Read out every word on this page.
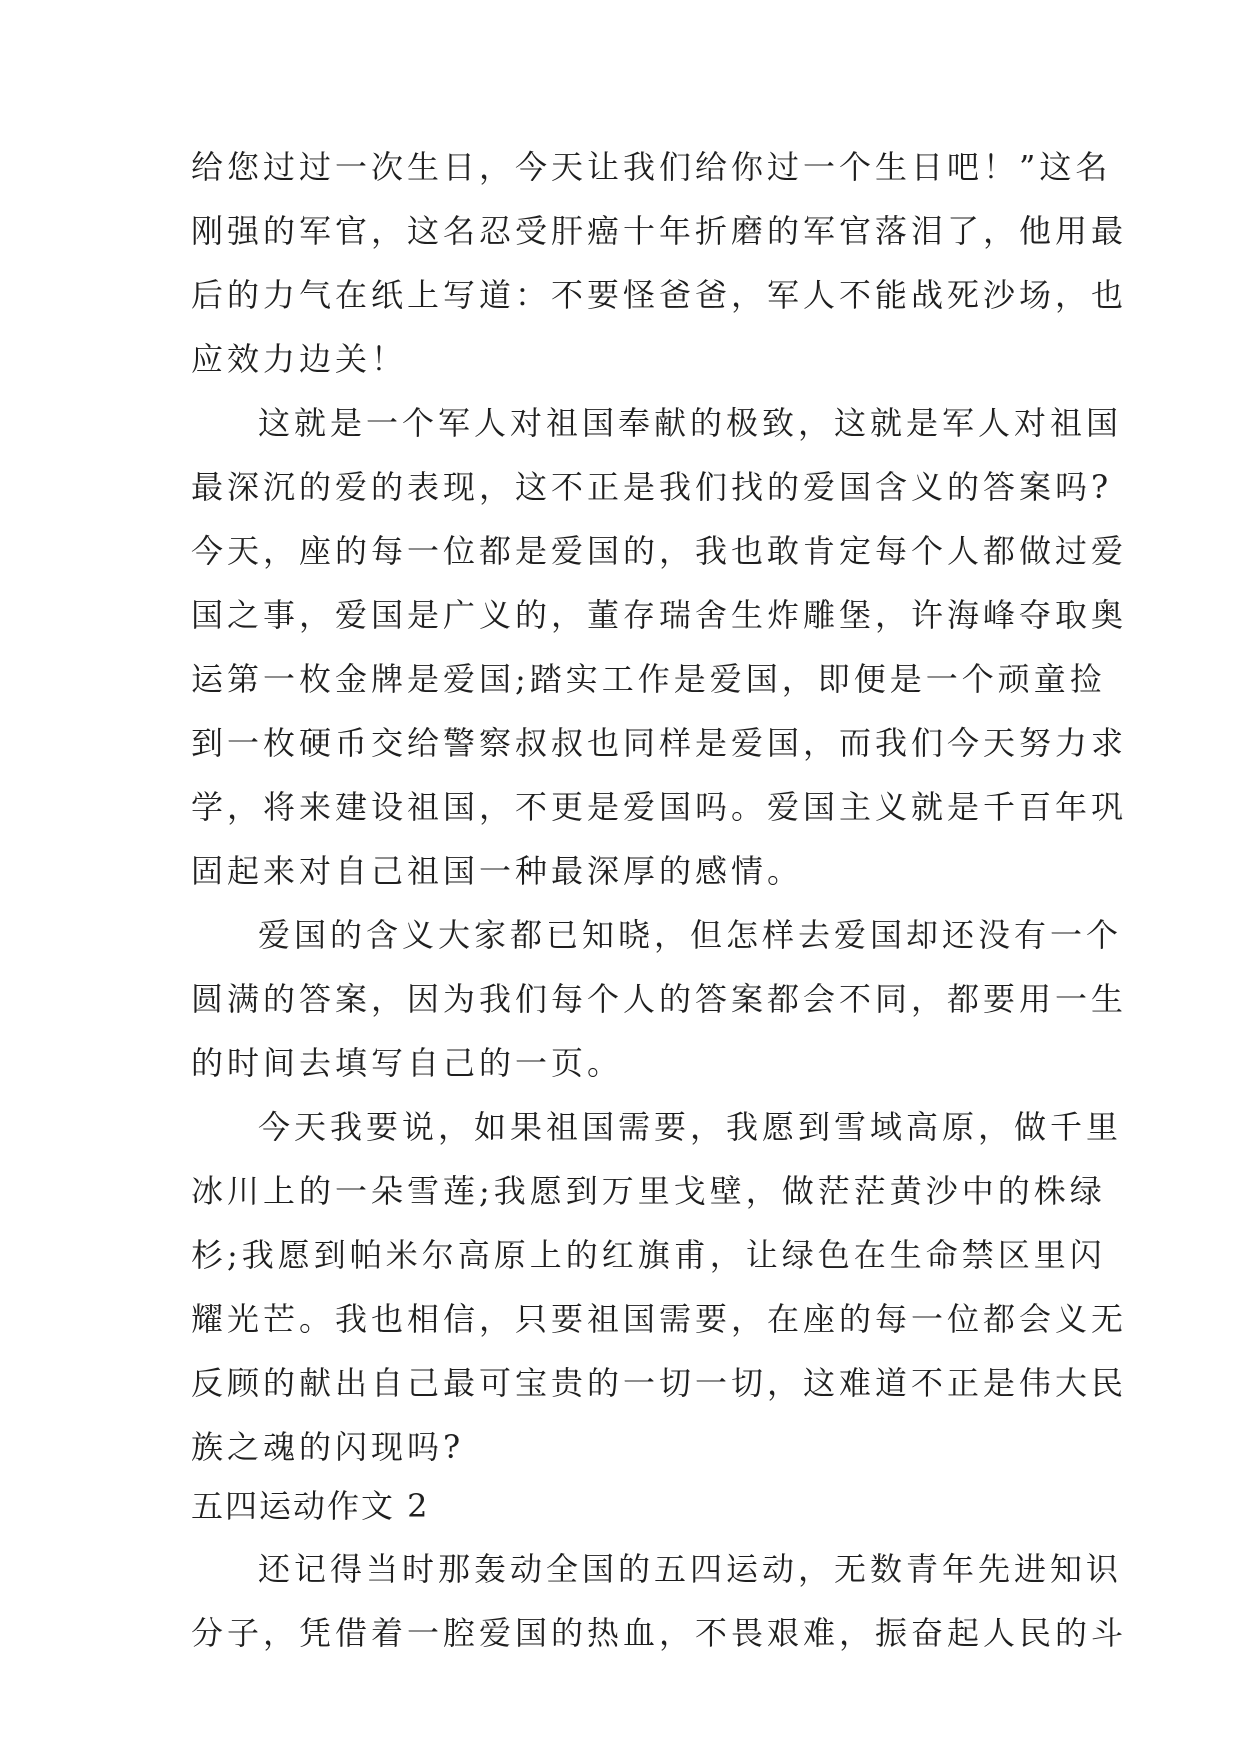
给您过过一次生日，今天让我们给你过一个生日吧！”这名
刚强的军官，这名忍受肝癌十年折磨的军官落泪了，他用最
后的力气在纸上写道：不要怪爸爸，军人不能战死沙场，也
应效力边关！
这就是一个军人对祖国奉献的极致，这就是军人对祖国
最深沉的爱的表现，这不正是我们找的爱国含义的答案吗?
今天，座的每一位都是爱国的，我也敢肯定每个人都做过爱
国之事，爱国是广义的，董存瑞舍生炸雕堡，许海峰夺取奥
运第一枚金牌是爱国;踏实工作是爱国，即便是一个顽童捡
到一枚硬币交给警察叔叔也同样是爱国，而我们今天努力求
学，将来建设祖国，不更是爱国吗。爱国主义就是千百年巩
固起来对自己祖国一种最深厚的感情。
爱国的含义大家都已知晓，但怎样去爱国却还没有一个
圆满的答案，因为我们每个人的答案都会不同，都要用一生
的时间去填写自己的一页。
今天我要说，如果祖国需要，我愿到雪域高原，做千里
冰川上的一朵雪莲;我愿到万里戈壁，做茫茫黄沙中的株绿
杉;我愿到帕米尔高原上的红旗甫，让绿色在生命禁区里闪
耀光芒。我也相信，只要祖国需要，在座的每一位都会义无
反顾的献出自己最可宝贵的一切一切，这难道不正是伟大民
族之魂的闪现吗?
五四运动作文 2
还记得当时那轰动全国的五四运动，无数青年先进知识
分子，凭借着一腔爱国的热血，不畏艰难，振奋起人民的斗
